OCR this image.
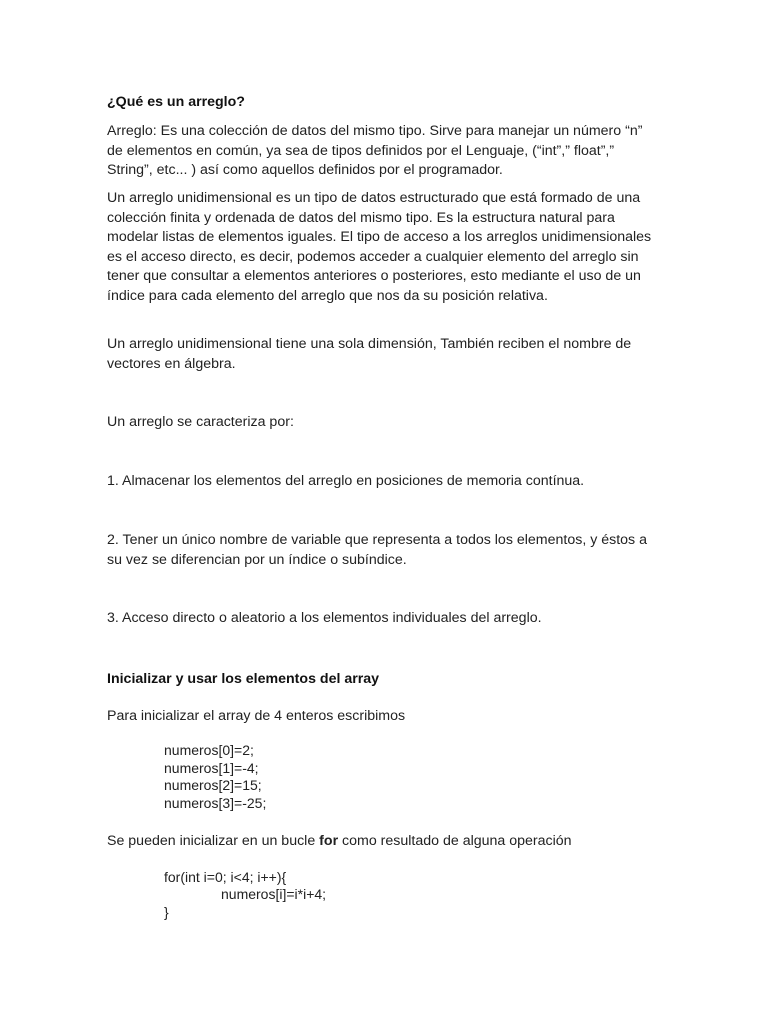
¿Qué es un arreglo?

Arreglo: Es una colección de datos del mismo tipo. Sirve para manejar un número “n” de elementos en común, ya sea de tipos definidos por el Lenguaje, (“int”,” float”,” String”, etc... ) así como aquellos definidos por el programador.

Un arreglo unidimensional es un tipo de datos estructurado que está formado de una colección finita y ordenada de datos del mismo tipo. Es la estructura natural para modelar listas de elementos iguales. El tipo de acceso a los arreglos unidimensionales es el acceso directo, es decir, podemos acceder a cualquier elemento del arreglo sin tener que consultar a elementos anteriores o posteriores, esto mediante el uso de un índice para cada elemento del arreglo que nos da su posición relativa.

Un arreglo unidimensional tiene una sola dimensión, También reciben el nombre de vectores en álgebra.

Un arreglo se caracteriza por:

1. Almacenar los elementos del arreglo en posiciones de memoria contínua.

2. Tener un único nombre de variable que representa a todos los elementos, y éstos a su vez se diferencian por un índice o subíndice.

3. Acceso directo o aleatorio a los elementos individuales del arreglo.

Inicializar y usar los elementos del array

Para inicializar el array de 4 enteros escribimos

numeros[0]=2;
numeros[1]=-4;
numeros[2]=15;
numeros[3]=-25;

Se pueden inicializar en un bucle for como resultado de alguna operación

for(int i=0; i<4; i++){
numeros[i]=i*i+4;
}
